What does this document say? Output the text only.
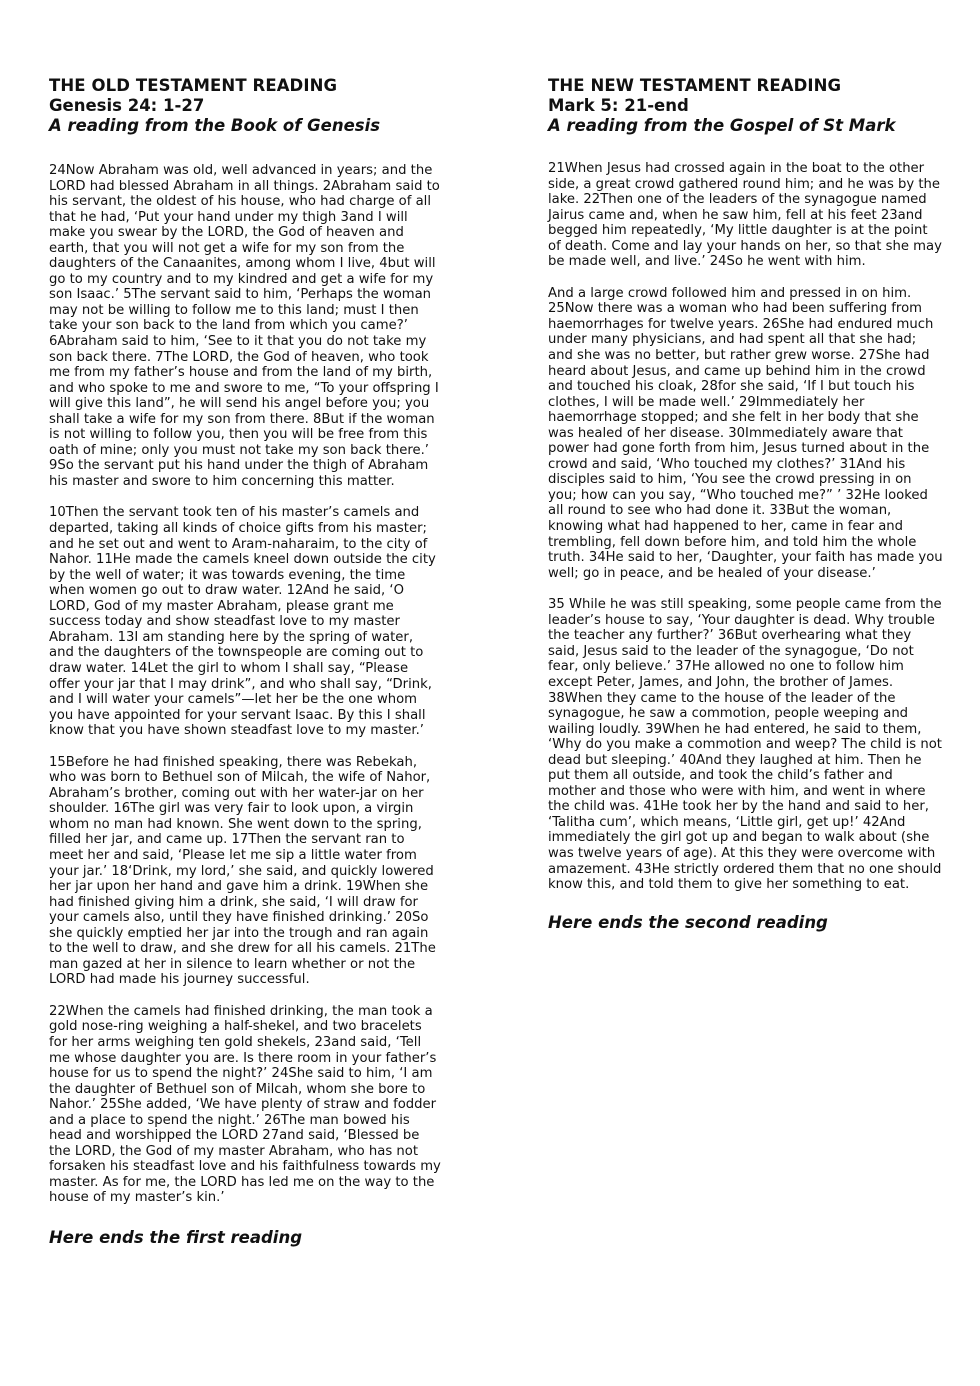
THE OLD TESTAMENT READING

Genesis 24: 1-27

A reading from the Book of Genesis

24Now Abraham was old, well advanced in years; and the LORD had blessed Abraham in all things. 2Abraham said to his servant, the oldest of his house, who had charge of all that he had, ‘Put your hand under my thigh 3and I will make you swear by the LORD, the God of heaven and earth, that you will not get a wife for my son from the daughters of the Canaanites, among whom I live, 4but will go to my country and to my kindred and get a wife for my son Isaac.’ 5The servant said to him, ‘Perhaps the woman may not be willing to follow me to this land; must I then take your son back to the land from which you came?’ 6Abraham said to him, ‘See to it that you do not take my son back there. 7The LORD, the God of heaven, who took me from my father’s house and from the land of my birth, and who spoke to me and swore to me, “To your offspring I will give this land”, he will send his angel before you; you shall take a wife for my son from there. 8But if the woman is not willing to follow you, then you will be free from this oath of mine; only you must not take my son back there.’ 9So the servant put his hand under the thigh of Abraham his master and swore to him concerning this matter.

10Then the servant took ten of his master’s camels and departed, taking all kinds of choice gifts from his master; and he set out and went to Aram-naharaim, to the city of Nahor. 11He made the camels kneel down outside the city by the well of water; it was towards evening, the time when women go out to draw water. 12And he said, ‘O LORD, God of my master Abraham, please grant me success today and show steadfast love to my master Abraham. 13I am standing here by the spring of water, and the daughters of the townspeople are coming out to draw water. 14Let the girl to whom I shall say, “Please offer your jar that I may drink”, and who shall say, “Drink, and I will water your camels”—let her be the one whom you have appointed for your servant Isaac. By this I shall know that you have shown steadfast love to my master.’

15Before he had finished speaking, there was Rebekah, who was born to Bethuel son of Milcah, the wife of Nahor, Abraham’s brother, coming out with her water-jar on her shoulder. 16The girl was very fair to look upon, a virgin whom no man had known. She went down to the spring, filled her jar, and came up. 17Then the servant ran to meet her and said, ‘Please let me sip a little water from your jar.’ 18‘Drink, my lord,’ she said, and quickly lowered her jar upon her hand and gave him a drink. 19When she had finished giving him a drink, she said, ‘I will draw for your camels also, until they have finished drinking.’ 20So she quickly emptied her jar into the trough and ran again to the well to draw, and she drew for all his camels. 21The man gazed at her in silence to learn whether or not the LORD had made his journey successful.

22When the camels had finished drinking, the man took a gold nose-ring weighing a half-shekel, and two bracelets for her arms weighing ten gold shekels, 23and said, ‘Tell me whose daughter you are. Is there room in your father’s house for us to spend the night?’ 24She said to him, ‘I am the daughter of Bethuel son of Milcah, whom she bore to Nahor.’ 25She added, ‘We have plenty of straw and fodder and a place to spend the night.’ 26The man bowed his head and worshipped the LORD 27and said, ‘Blessed be the LORD, the God of my master Abraham, who has not forsaken his steadfast love and his faithfulness towards my master. As for me, the LORD has led me on the way to the house of my master’s kin.’

Here ends the first reading

THE NEW TESTAMENT READING

Mark 5: 21-end

A reading from the Gospel of St Mark

21When Jesus had crossed again in the boat to the other side, a great crowd gathered round him; and he was by the lake. 22Then one of the leaders of the synagogue named Jairus came and, when he saw him, fell at his feet 23and begged him repeatedly, ‘My little daughter is at the point of death. Come and lay your hands on her, so that she may be made well, and live.’ 24So he went with him.

And a large crowd followed him and pressed in on him. 25Now there was a woman who had been suffering from haemorrhages for twelve years. 26She had endured much under many physicians, and had spent all that she had; and she was no better, but rather grew worse. 27She had heard about Jesus, and came up behind him in the crowd and touched his cloak, 28for she said, ‘If I but touch his clothes, I will be made well.’ 29Immediately her haemorrhage stopped; and she felt in her body that she was healed of her disease. 30Immediately aware that power had gone forth from him, Jesus turned about in the crowd and said, ‘Who touched my clothes?’ 31And his disciples said to him, ‘You see the crowd pressing in on you; how can you say, “Who touched me?” ’ 32He looked all round to see who had done it. 33But the woman, knowing what had happened to her, came in fear and trembling, fell down before him, and told him the whole truth. 34He said to her, ‘Daughter, your faith has made you well; go in peace, and be healed of your disease.’

35 While he was still speaking, some people came from the leader’s house to say, ‘Your daughter is dead. Why trouble the teacher any further?’ 36But overhearing what they said, Jesus said to the leader of the synagogue, ‘Do not fear, only believe.’ 37He allowed no one to follow him except Peter, James, and John, the brother of James. 38When they came to the house of the leader of the synagogue, he saw a commotion, people weeping and wailing loudly. 39When he had entered, he said to them, ‘Why do you make a commotion and weep? The child is not dead but sleeping.’ 40And they laughed at him. Then he put them all outside, and took the child’s father and mother and those who were with him, and went in where the child was. 41He took her by the hand and said to her, ‘Talitha cum’, which means, ‘Little girl, get up!’ 42And immediately the girl got up and began to walk about (she was twelve years of age). At this they were overcome with amazement. 43He strictly ordered them that no one should know this, and told them to give her something to eat.

Here ends the second reading
